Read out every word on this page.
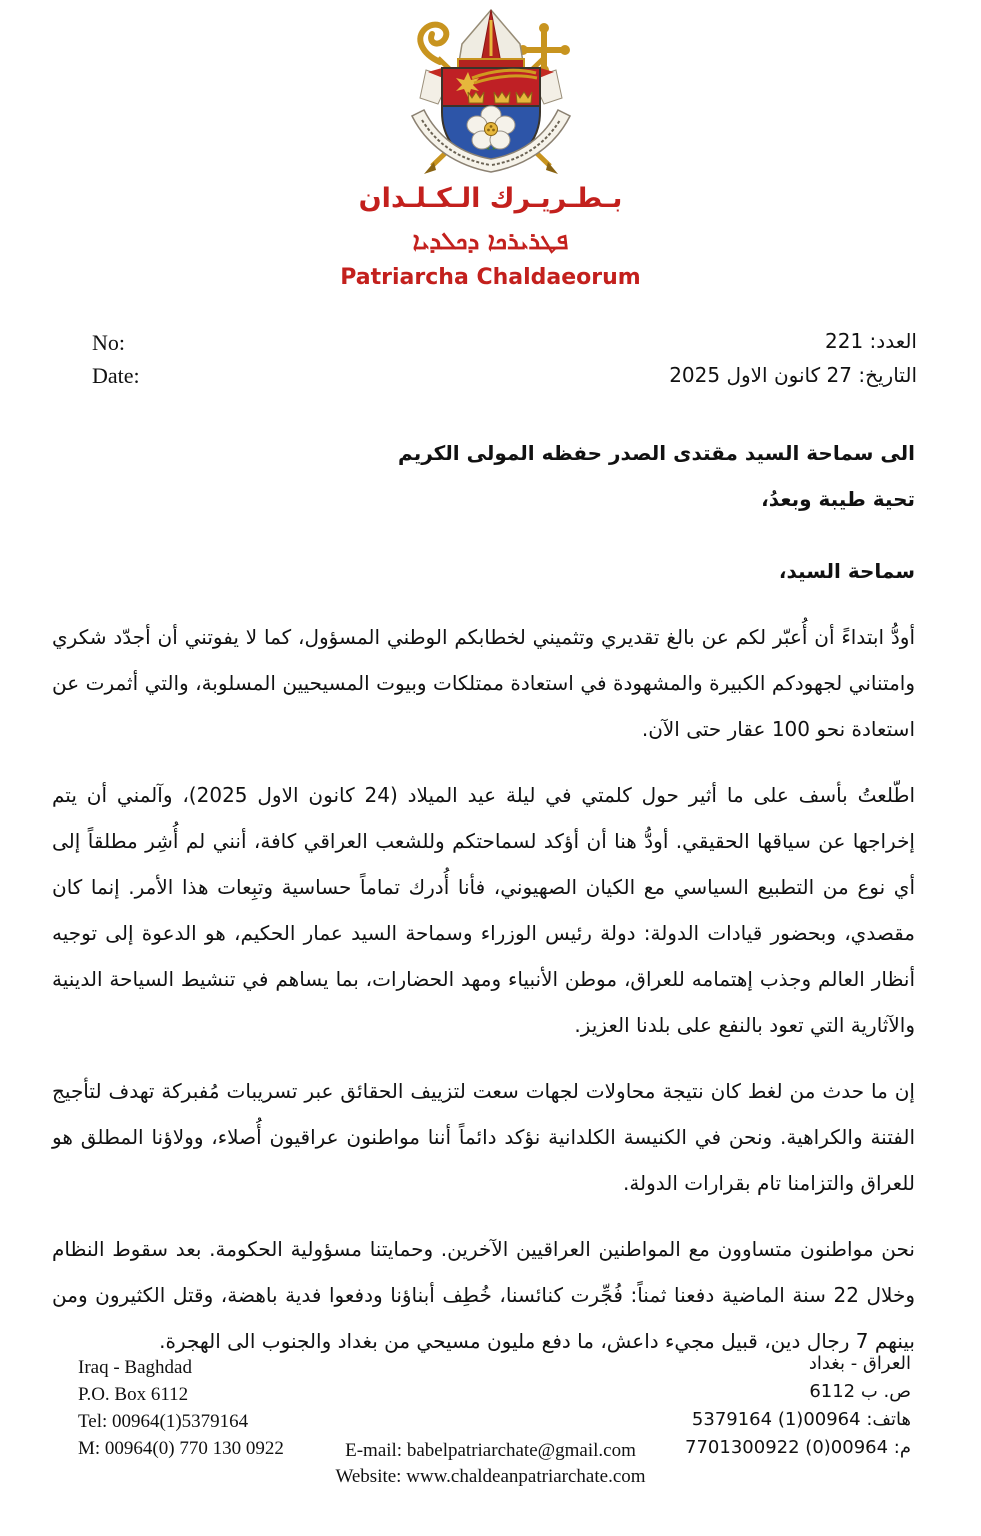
بـطـريـرك الـكـلـدان
ܦܛܪܝܪܟܐ ܕܟܠܕܝܐ
Patriarcha Chaldaeorum
No:
Date:
العدد: 221
التاريخ: 27 كانون الاول 2025

الى سماحة السيد مقتدى الصدر حفظه المولى الكريم

تحية طيبة وبعدُ،

سماحة السيد،

أودُّ ابتداءً أن أُعبّر لكم عن بالغ تقديري وتثميني لخطابكم الوطني المسؤول، كما لا يفوتني أن أجدّد شكري وامتناني لجهودكم الكبيرة والمشهودة في استعادة ممتلكات وبيوت المسيحيين المسلوبة، والتي أثمرت عن استعادة نحو 100 عقار حتى الآن.

اطّلعتُ بأسف على ما أثير حول كلمتي في ليلة عيد الميلاد (24 كانون الاول 2025)، وآلمني أن يتم إخراجها عن سياقها الحقيقي. أودُّ هنا أن أؤكد لسماحتكم وللشعب العراقي كافة، أنني لم أُشِر مطلقاً إلى أي نوع من التطبيع السياسي مع الكيان الصهيوني، فأنا أُدرك تماماً حساسية وتبِعات هذا الأمر. إنما كان مقصدي، وبحضور قيادات الدولة: دولة رئيس الوزراء وسماحة السيد عمار الحكيم، هو الدعوة إلى توجيه أنظار العالم وجذب إهتمامه للعراق، موطن الأنبياء ومهد الحضارات، بما يساهم في تنشيط السياحة الدينية والآثارية التي تعود بالنفع على بلدنا العزيز.

إن ما حدث من لغط كان نتيجة محاولات لجهات سعت لتزييف الحقائق عبر تسريبات مُفبركة تهدف لتأجيج الفتنة والكراهية. ونحن في الكنيسة الكلدانية نؤكد دائماً أننا مواطنون عراقيون أُصلاء، وولاؤنا المطلق هو للعراق والتزامنا تام بقرارات الدولة.

نحن مواطنون متساوون مع المواطنين العراقيين الآخرين. وحمايتنا مسؤولية الحكومة. بعد سقوط النظام وخلال 22 سنة الماضية دفعنا ثمناً: فُجِّرت كنائسنا، خُطِف أبناؤنا ودفعوا فدية باهضة، وقتل الكثيرون ومن بينهم 7 رجال دين، قبيل مجيء داعش، ما دفع مليون مسيحي من بغداد والجنوب الى الهجرة.

Iraq - Baghdad
P.O. Box 6112
Tel: 00964(1)5379164
M: 00964(0) 770 130 0922
العراق - بغداد
ص. ب 6112
هاتف: 00964(1) 5379164
م: 00964(0) 7701300922
E-mail: babelpatriarchate@gmail.com
Website: www.chaldeanpatriarchate.com
